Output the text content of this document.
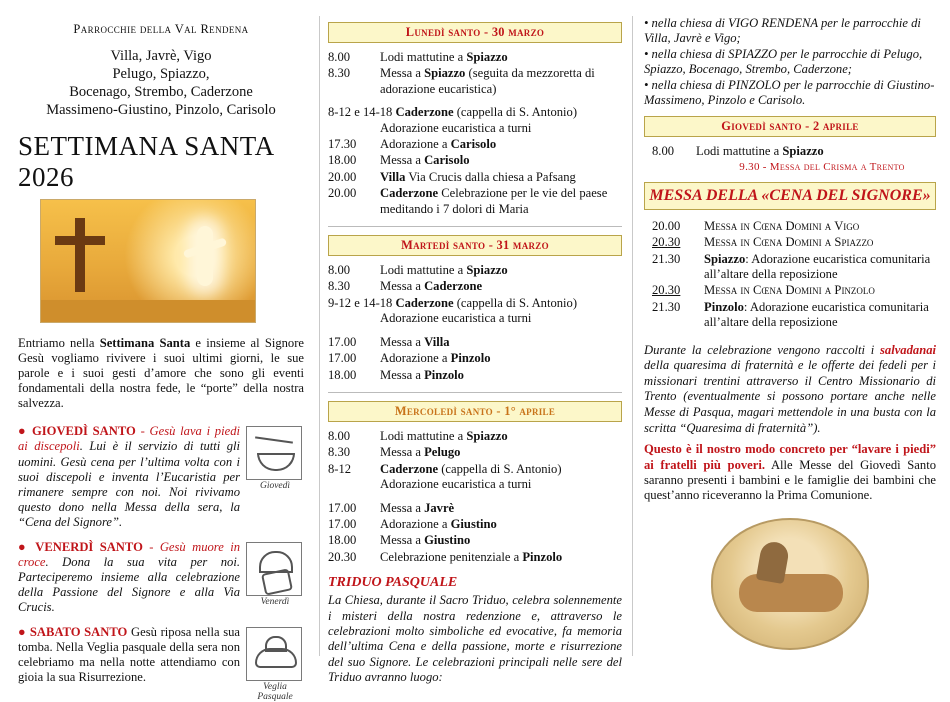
Parrocchie della Val Rendena
Villa, Javrè, Vigo
Pelugo, Spiazzo,
Bocenago, Strembo, Caderzone
Massimeno-Giustino, Pinzolo, Carisolo
SETTIMANA SANTA 2026

Entriamo nella Settimana Santa e insieme al Signore Gesù vogliamo rivivere i suoi ultimi giorni, le sue parole e i suoi gesti d’amore che sono gli eventi fondamentali della nostra fede, le “porte” della nostra salvezza.

Giovedì

● GIOVEDÌ SANTO - Gesù lava i piedi ai discepoli. Lui è il servizio di tutti gli uomini. Gesù cena per l’ultima volta con i suoi discepoli e inventa l’Eucaristia per rimanere sempre con noi. Noi rivivamo questo dono nella Messa della sera, la “Cena del Signore”.

Venerdì

● VENERDÌ SANTO - Gesù muore in croce. Dona la sua vita per noi. Parteciperemo insieme alla celebrazione della Passione del Signore e alla Via Crucis.

Veglia Pasquale

● SABATO SANTO Gesù riposa nella sua tomba. Nella Veglia pasquale della sera non celebriamo ma nella notte attendiamo con gioia la sua Risurrezione.

Lunedì santo - 30 marzo
8.00	Lodi mattutine a Spiazzo
8.30	Messa a Spiazzo (seguita da mezzoretta di adorazione eucaristica)
8-12 e 14-18 Caderzone (cappella di S. Antonio)
Adorazione eucaristica a turni
17.30	Adorazione a Carisolo
18.00	Messa a Carisolo
20.00	Villa Via Crucis dalla chiesa a Pafsang
20.00	Caderzone Celebrazione per le vie del paese meditando i 7 dolori di Maria
Martedì santo - 31 marzo
8.00	Lodi mattutine a Spiazzo
8.30	Messa a Caderzone
9-12 e 14-18 Caderzone (cappella di S. Antonio)
Adorazione eucaristica a turni
17.00	Messa a Villa
17.00	Adorazione a Pinzolo
18.00	Messa a Pinzolo
Mercoledì santo - 1° aprile
8.00	Lodi mattutine a Spiazzo
8.30	Messa a Pelugo
8-12	Caderzone (cappella di S. Antonio) Adorazione eucaristica a turni
17.00	Messa a Javrè
17.00	Adorazione a Giustino
18.00	Messa a Giustino
20.30	Celebrazione penitenziale a Pinzolo
TRIDUO PASQUALE
La Chiesa, durante il Sacro Triduo, celebra solennemente i misteri della nostra redenzione e, attraverso le celebrazioni molto simboliche ed evocative, fa memoria dell’ultima Cena e della passione, morte e risurrezione del suo Signore. Le celebrazioni principali nelle sere del Triduo avranno luogo:
• nella chiesa di VIGO RENDENA per le parrocchie di Villa, Javrè e Vigo;
• nella chiesa di SPIAZZO per le parrocchie di Pelugo, Spiazzo, Bocenago, Strembo, Caderzone;
• nella chiesa di PINZOLO per le parrocchie di Giustino-Massimeno, Pinzolo e Carisolo.
Giovedì santo - 2 aprile
8.00	Lodi mattutine a Spiazzo
9.30 - Messa del Crisma a Trento
MESSA DELLA «CENA DEL SIGNORE»
20.00	Messa in Cœna Domini a Vigo
20.30	Messa in Cœna Domini a Spiazzo
21.30	Spiazzo: Adorazione eucaristica comunitaria all’altare della reposizione
20.30	Messa in Cœna Domini a Pinzolo
21.30	Pinzolo: Adorazione eucaristica comunitaria all’altare della reposizione
Durante la celebrazione vengono raccolti i salvadanai della quaresima di fraternità e le offerte dei fedeli per i missionari trentini attraverso il Centro Missionario di Trento (eventualmente si possono portare anche nelle Messe di Pasqua, magari mettendole in una busta con la scritta “Quaresima di fraternità”).
Questo è il nostro modo concreto per “lavare i piedi” ai fratelli più poveri. Alle Messe del Giovedì Santo saranno presenti i bambini e le famiglie dei bambini che quest’anno riceveranno la Prima Comunione.
